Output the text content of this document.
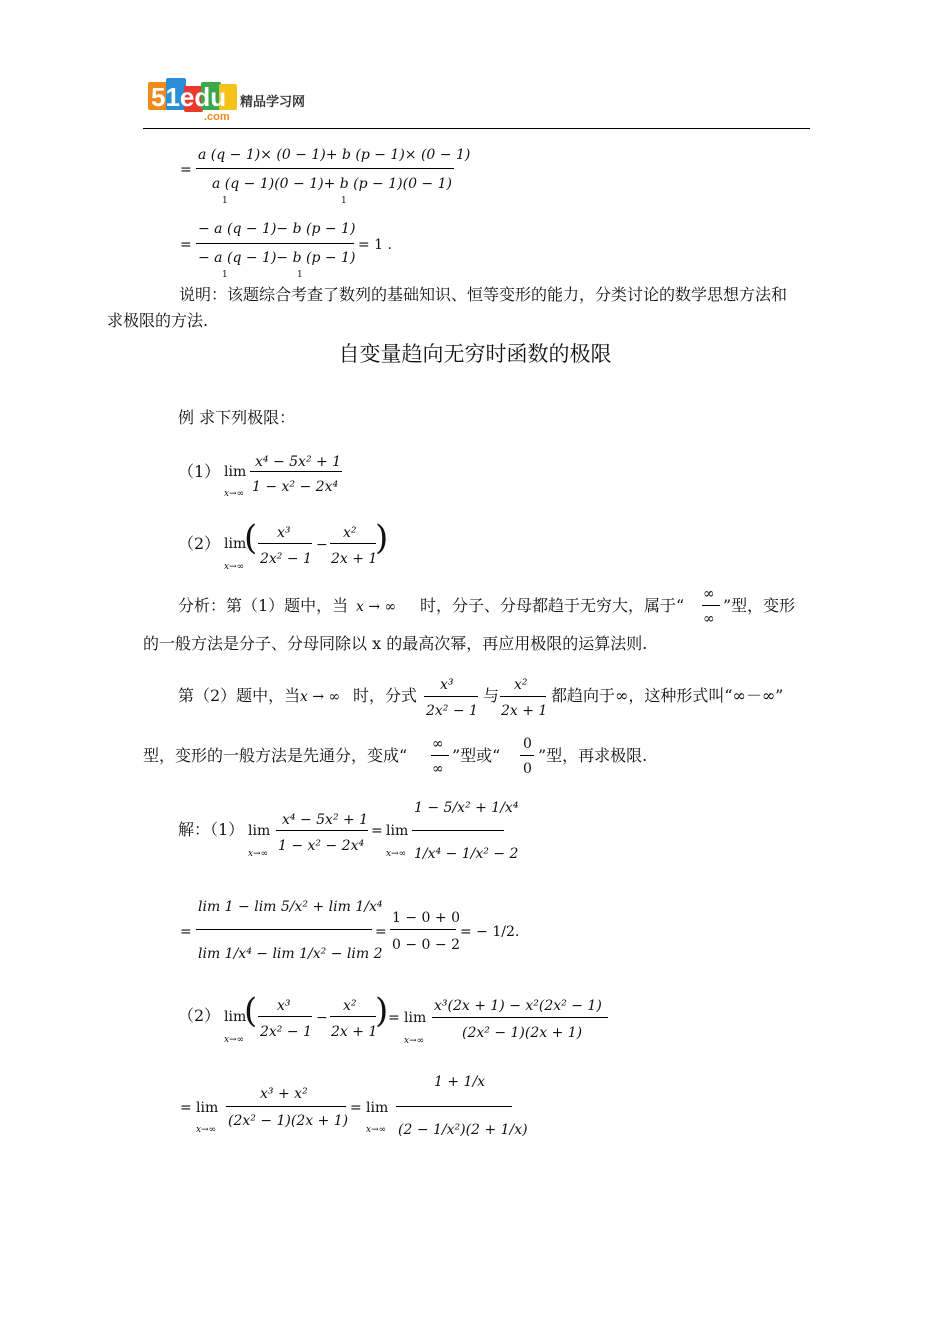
51edu
.com
精品学习网
=
a (q − 1)× (0 − 1)+ b (p − 1)× (0 − 1)
a (q − 1)(0 − 1)+ b (p − 1)(0 − 1)
1	1
=
− a (q − 1)− b (p − 1)
− a (q − 1)− b (p − 1)
1	1
= 1 .
说明：该题综合考查了数列的基础知识、恒等变形的能力，分类讨论的数学思想方法和
求极限的方法.
自变量趋向无穷时函数的极限
例 求下列极限：
（1） lim
x→∞
x⁴ − 5x² + 1
1 − x² − 2x⁴
（2） lim
x→∞
( x³
2x² − 1
−
x²
2x + 1
)
分析：第（1）题中，当 x → ∞ 时，分子、分母都趋于无穷大，属于“
∞
∞
”型，变形
的一般方法是分子、分母同除以 x 的最高次幂，再应用极限的运算法则.
第（2）题中，当 x → ∞ 时，分式
x³
2x² − 1
与
x²
2x + 1
都趋向于∞，这种形式叫“∞－∞”
型，变形的一般方法是先通分，变成“
∞
∞
”型或“
0
0
”型，再求极限.
解：（1） lim
x→∞
x⁴ − 5x² + 1
1 − x² − 2x⁴
= lim
x→∞
1 − 5/x² + 1/x⁴
1/x⁴ − 1/x² − 2
=
lim 1 − lim 5/x² + lim 1/x⁴
lim 1/x⁴ − lim 1/x² − lim 2
=
1 − 0 + 0
0 − 0 − 2
= − 1/2.
（2） lim
x→∞
( x³
2x² − 1
−
x²
2x + 1
) = lim
x→∞
x³(2x + 1) − x²(2x² − 1)
(2x² − 1)(2x + 1)
= lim
x→∞
x³ + x²
(2x² − 1)(2x + 1)
= lim
x→∞
1 + 1/x
(2 − 1/x²)(2 + 1/x)
